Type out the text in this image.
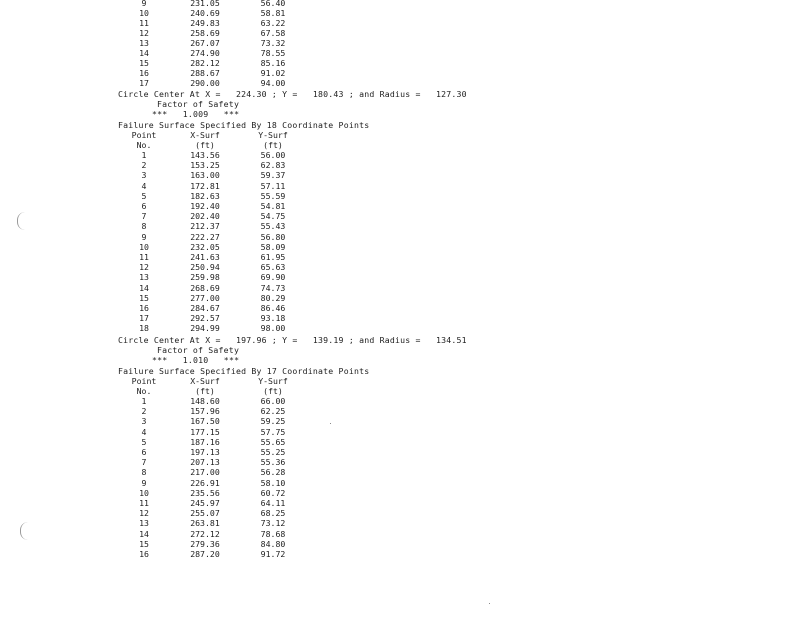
9	231.05	56.40
10	240.69	58.81
11	249.83	63.22
12	258.69	67.58
13	267.07	73.32
14	274.90	78.55
15	282.12	85.16
16	288.67	91.02
17	290.00	94.00
Circle Center At X =   224.30 ; Y =   180.43 ; and Radius =   127.30
Factor of Safety
***   1.009   ***
Failure Surface Specified By 18 Coordinate Points
Point	X-Surf	Y-Surf
No.	(ft)	(ft)
1	143.56	56.00
2	153.25	62.83
3	163.00	59.37
4	172.81	57.11
5	182.63	55.59
6	192.40	54.81
7	202.40	54.75
8	212.37	55.43
9	222.27	56.80
10	232.05	58.09
11	241.63	61.95
12	250.94	65.63
13	259.98	69.90
14	268.69	74.73
15	277.00	80.29
16	284.67	86.46
17	292.57	93.18
18	294.99	98.00
Circle Center At X =   197.96 ; Y =   139.19 ; and Radius =   134.51
Factor of Safety
***   1.010   ***
Failure Surface Specified By 17 Coordinate Points
Point	X-Surf	Y-Surf
No.	(ft)	(ft)
1	148.60	66.00
2	157.96	62.25
3	167.50	59.25
4	177.15	57.75
5	187.16	55.65
6	197.13	55.25
7	207.13	55.36
8	217.00	56.28
9	226.91	58.10
10	235.56	60.72
11	245.97	64.11
12	255.07	68.25
13	263.81	73.12
14	272.12	78.68
15	279.36	84.80
16	287.20	91.72
